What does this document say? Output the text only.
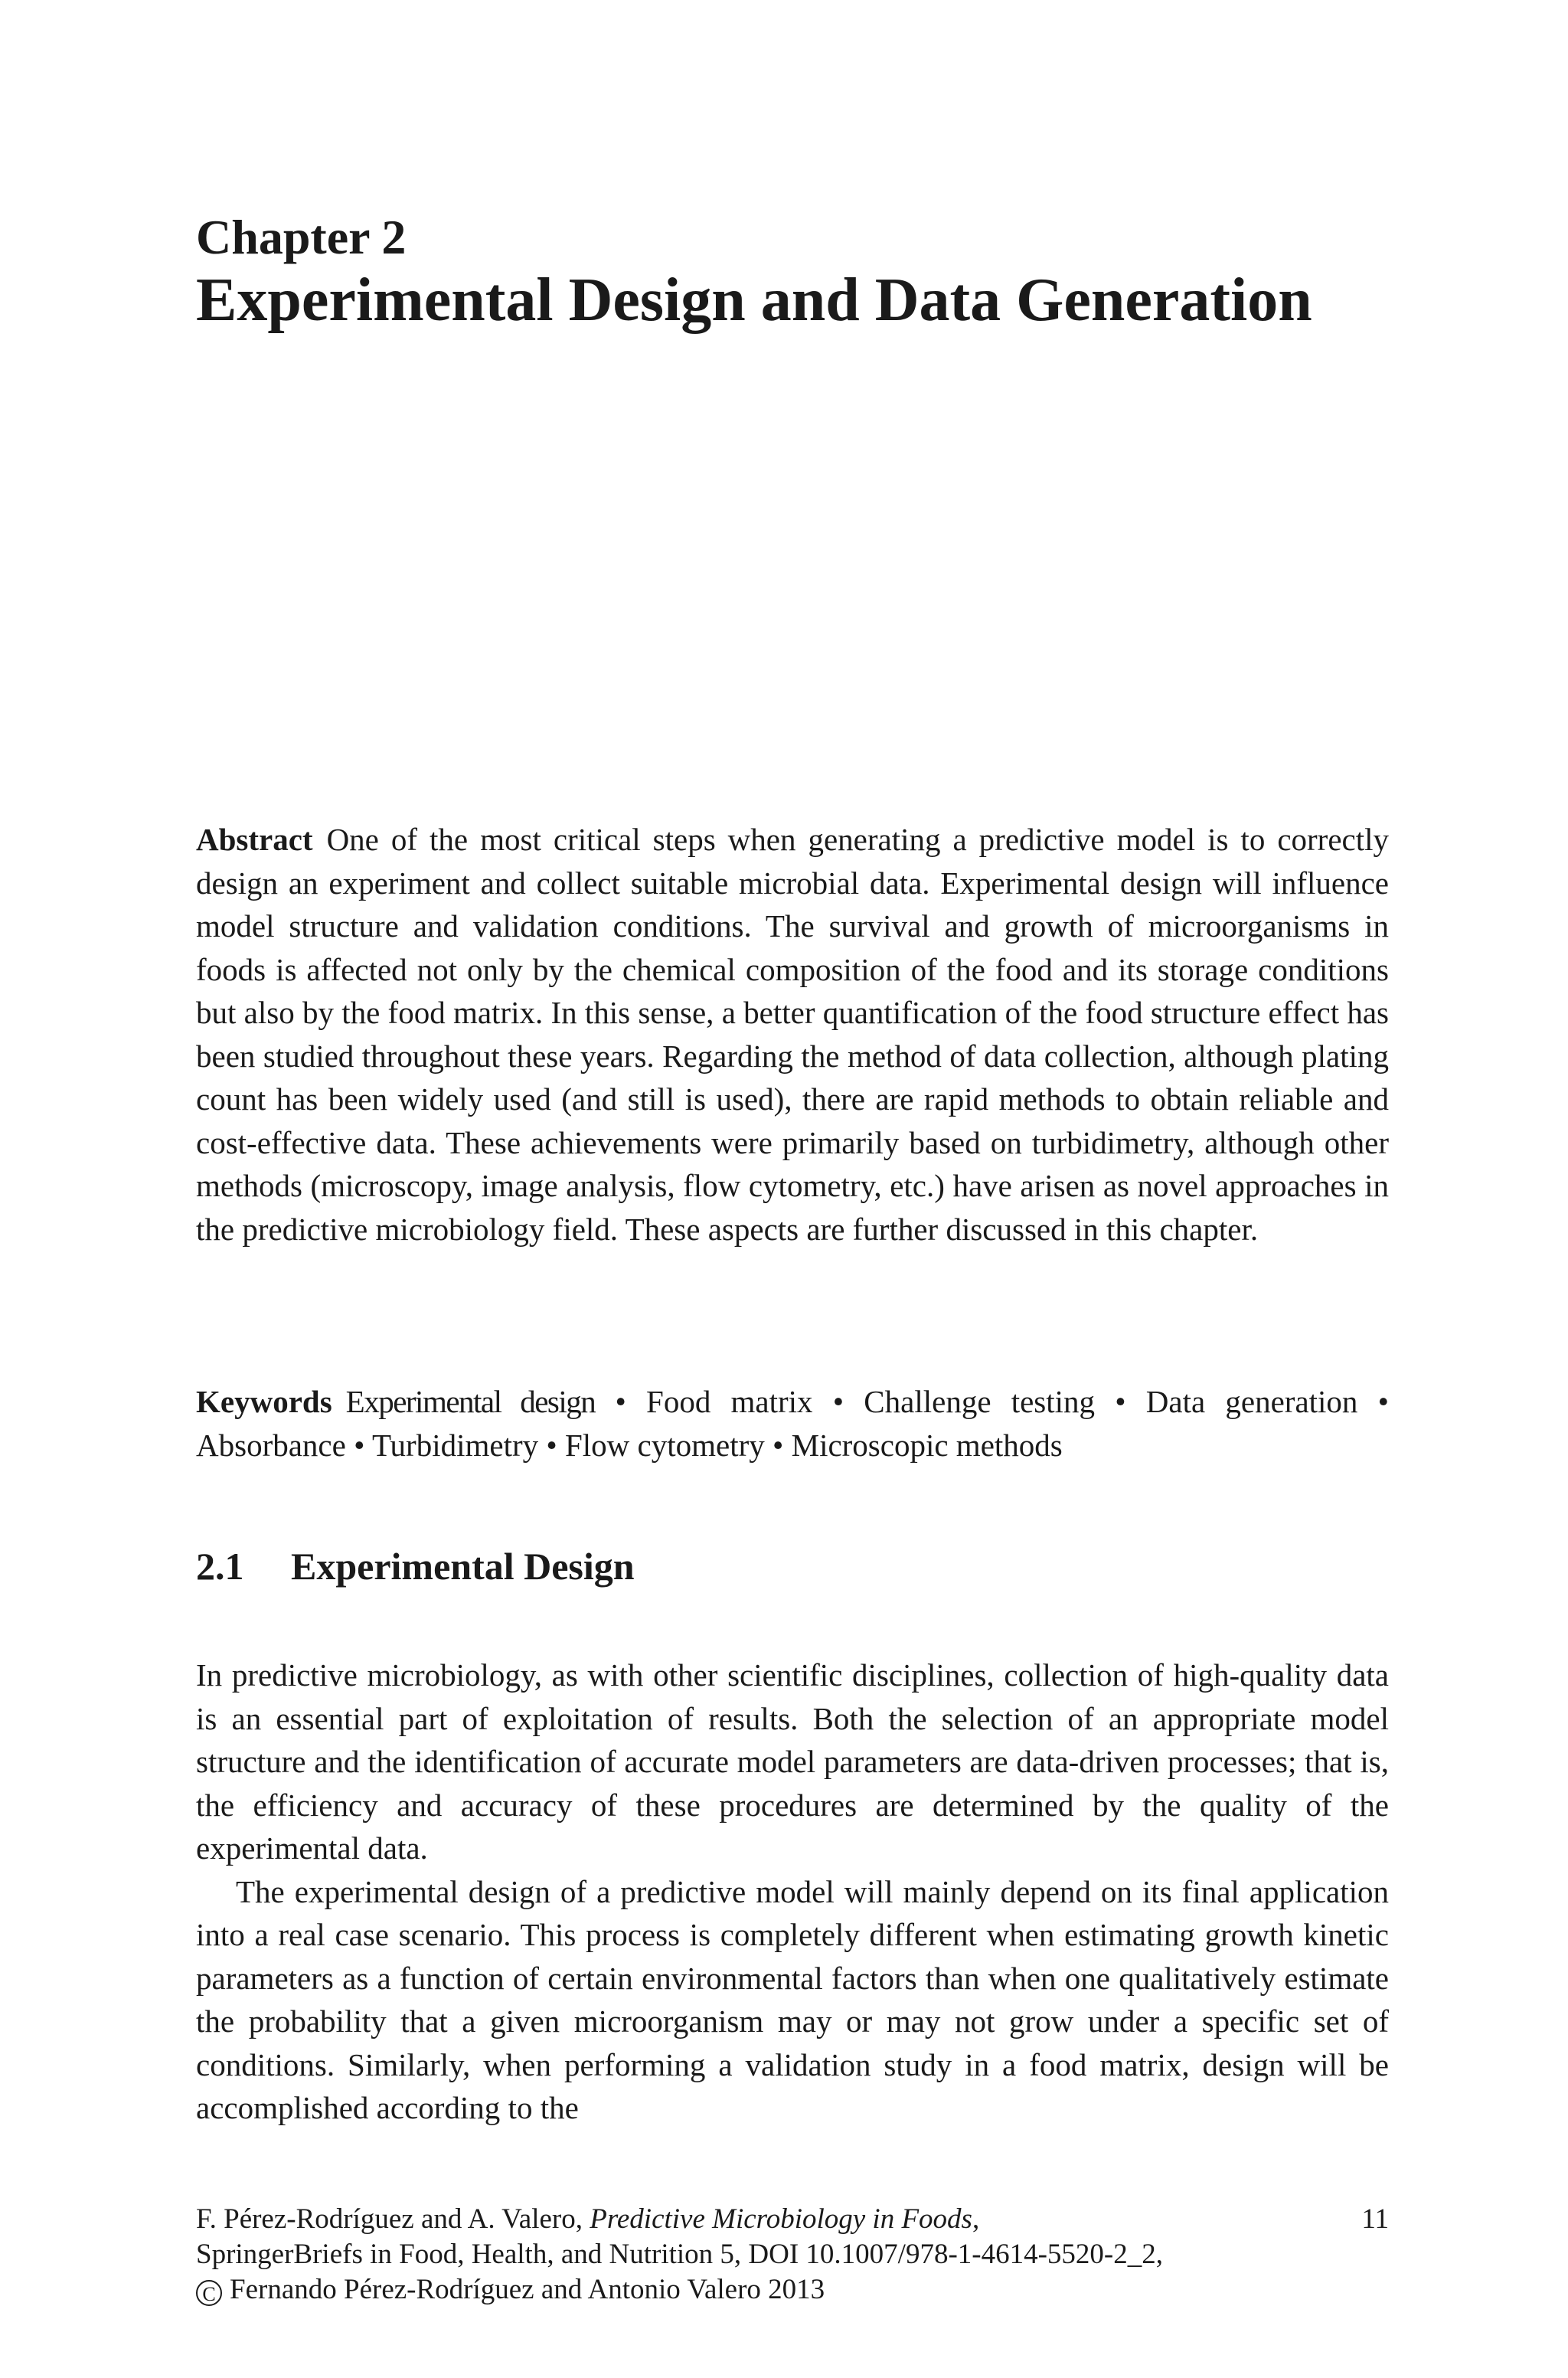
Chapter 2
Experimental Design and Data Generation

Abstract One of the most critical steps when generating a predictive model is to correctly design an experiment and collect suitable microbial data. Experimental design will influence model structure and validation conditions. The survival and growth of microorganisms in foods is affected not only by the chemical composition of the food and its storage conditions but also by the food matrix. In this sense, a better quantification of the food structure effect has been studied throughout these years. Regarding the method of data collection, although plating count has been widely used (and still is used), there are rapid methods to obtain reliable and cost-effective data. These achievements were primarily based on turbidimetry, although other methods (microscopy, image analysis, flow cytometry, etc.) have arisen as novel approaches in the predictive microbiology field. These aspects are further discussed in this chapter.

Keywords Experimental design • Food matrix • Challenge testing • Data generation • Absorbance • Turbidimetry • Flow cytometry • Microscopic methods

2.1 Experimental Design

In predictive microbiology, as with other scientific disciplines, collection of high-quality data is an essential part of exploitation of results. Both the selection of an appropriate model structure and the identification of accurate model parameters are data-driven processes; that is, the efficiency and accuracy of these procedures are determined by the quality of the experimental data.

The experimental design of a predictive model will mainly depend on its final application into a real case scenario. This process is completely different when estimating growth kinetic parameters as a function of certain environmental factors than when one qualitatively estimate the probability that a given microorganism may or may not grow under a specific set of conditions. Similarly, when performing a validation study in a food matrix, design will be accomplished according to the

11
F. Pérez-Rodríguez and A. Valero, Predictive Microbiology in Foods,
SpringerBriefs in Food, Health, and Nutrition 5, DOI 10.1007/978-1-4614-5520-2_2,
C Fernando Pérez-Rodríguez and Antonio Valero 2013
